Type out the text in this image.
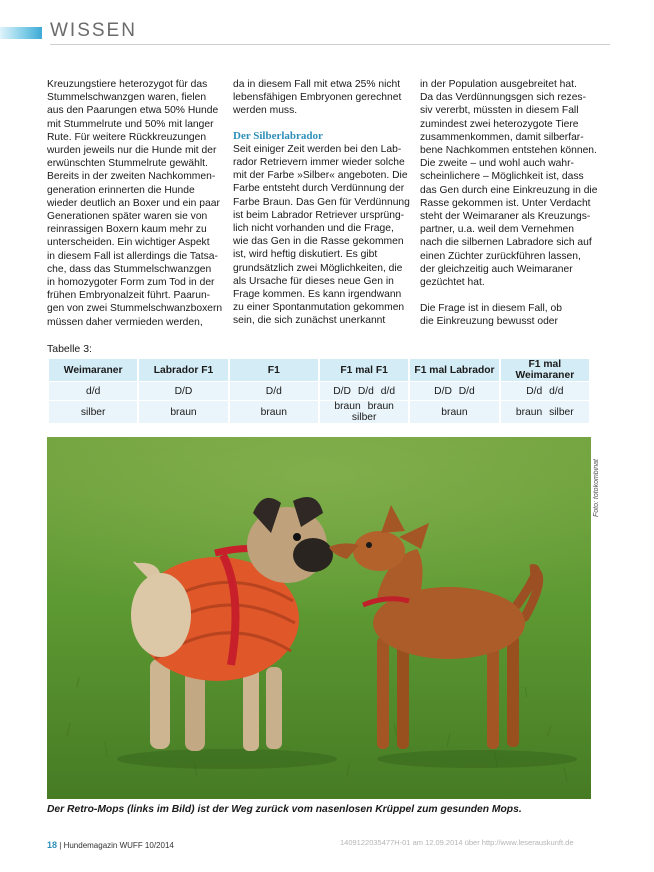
WISSEN

Kreuzungstiere heterozygot für das
Stummelschwanzgen waren, fielen
aus den Paarungen etwa 50% Hunde
mit Stummelrute und 50% mit langer
Rute. Für weitere Rückkreuzungen
wurden jeweils nur die Hunde mit der
erwünschten Stummelrute gewählt.
Bereits in der zweiten Nachkommen-
generation erinnerten die Hunde
wieder deutlich an Boxer und ein paar
Generationen später waren sie von
reinrassigen Boxern kaum mehr zu
unterscheiden. Ein wichtiger Aspekt
in diesem Fall ist allerdings die Tatsa-
che, dass das Stummelschwanzgen
in homozygoter Form zum Tod in der
frühen Embryonalzeit führt. Paarun-
gen von zwei Stummelschwanzboxern
müssen daher vermieden werden,

da in diesem Fall mit etwa 25% nicht
lebensfähigen Embryonen gerechnet
werden muss.

Der Silberlabrador

Seit einiger Zeit werden bei den Lab-
rador Retrievern immer wieder solche
mit der Farbe »Silber« angeboten. Die
Farbe entsteht durch Verdünnung der
Farbe Braun. Das Gen für Verdünnung
ist beim Labrador Retriever ursprüng-
lich nicht vorhanden und die Frage,
wie das Gen in die Rasse gekommen
ist, wird heftig diskutiert. Es gibt
grundsätzlich zwei Möglichkeiten, die
als Ursache für dieses neue Gen in
Frage kommen. Es kann irgendwann
zu einer Spontanmutation gekommen
sein, die sich zunächst unerkannt

in der Population ausgebreitet hat.
Da das Verdünnungsgen sich rezes-
siv vererbt, müssten in diesem Fall
zumindest zwei heterozygote Tiere
zusammenkommen, damit silberfar-
bene Nachkommen entstehen können.
Die zweite – und wohl auch wahr-
scheinlichere – Möglichkeit ist, dass
das Gen durch eine Einkreuzung in die
Rasse gekommen ist. Unter Verdacht
steht der Weimaraner als Kreuzungs-
partner, u.a. weil dem Vernehmen
nach die silbernen Labradore sich auf
einen Züchter zurückführen lassen,
der gleichzeitig auch Weimaraner
gezüchtet hat.

Die Frage ist in diesem Fall, ob
die Einkreuzung bewusst oder

Tabelle 3:
Weimaraner	Labrador F1	F1	F1 mal F1	F1 mal Labrador	F1 mal Weimaraner
d/d	D/D	D/d	D/D D/d d/d	D/D D/d	D/d d/d
silber	braun	braun	braun braun silber	braun	braun silber
Foto: fotokombinat
Der Retro-Mops (links im Bild) ist der Weg zurück vom nasenlosen Krüppel zum gesunden Mops.
18 | Hundemagazin WUFF 10/2014	1409122035477H-01 am 12.09.2014 über http://www.leserauskunft.de
